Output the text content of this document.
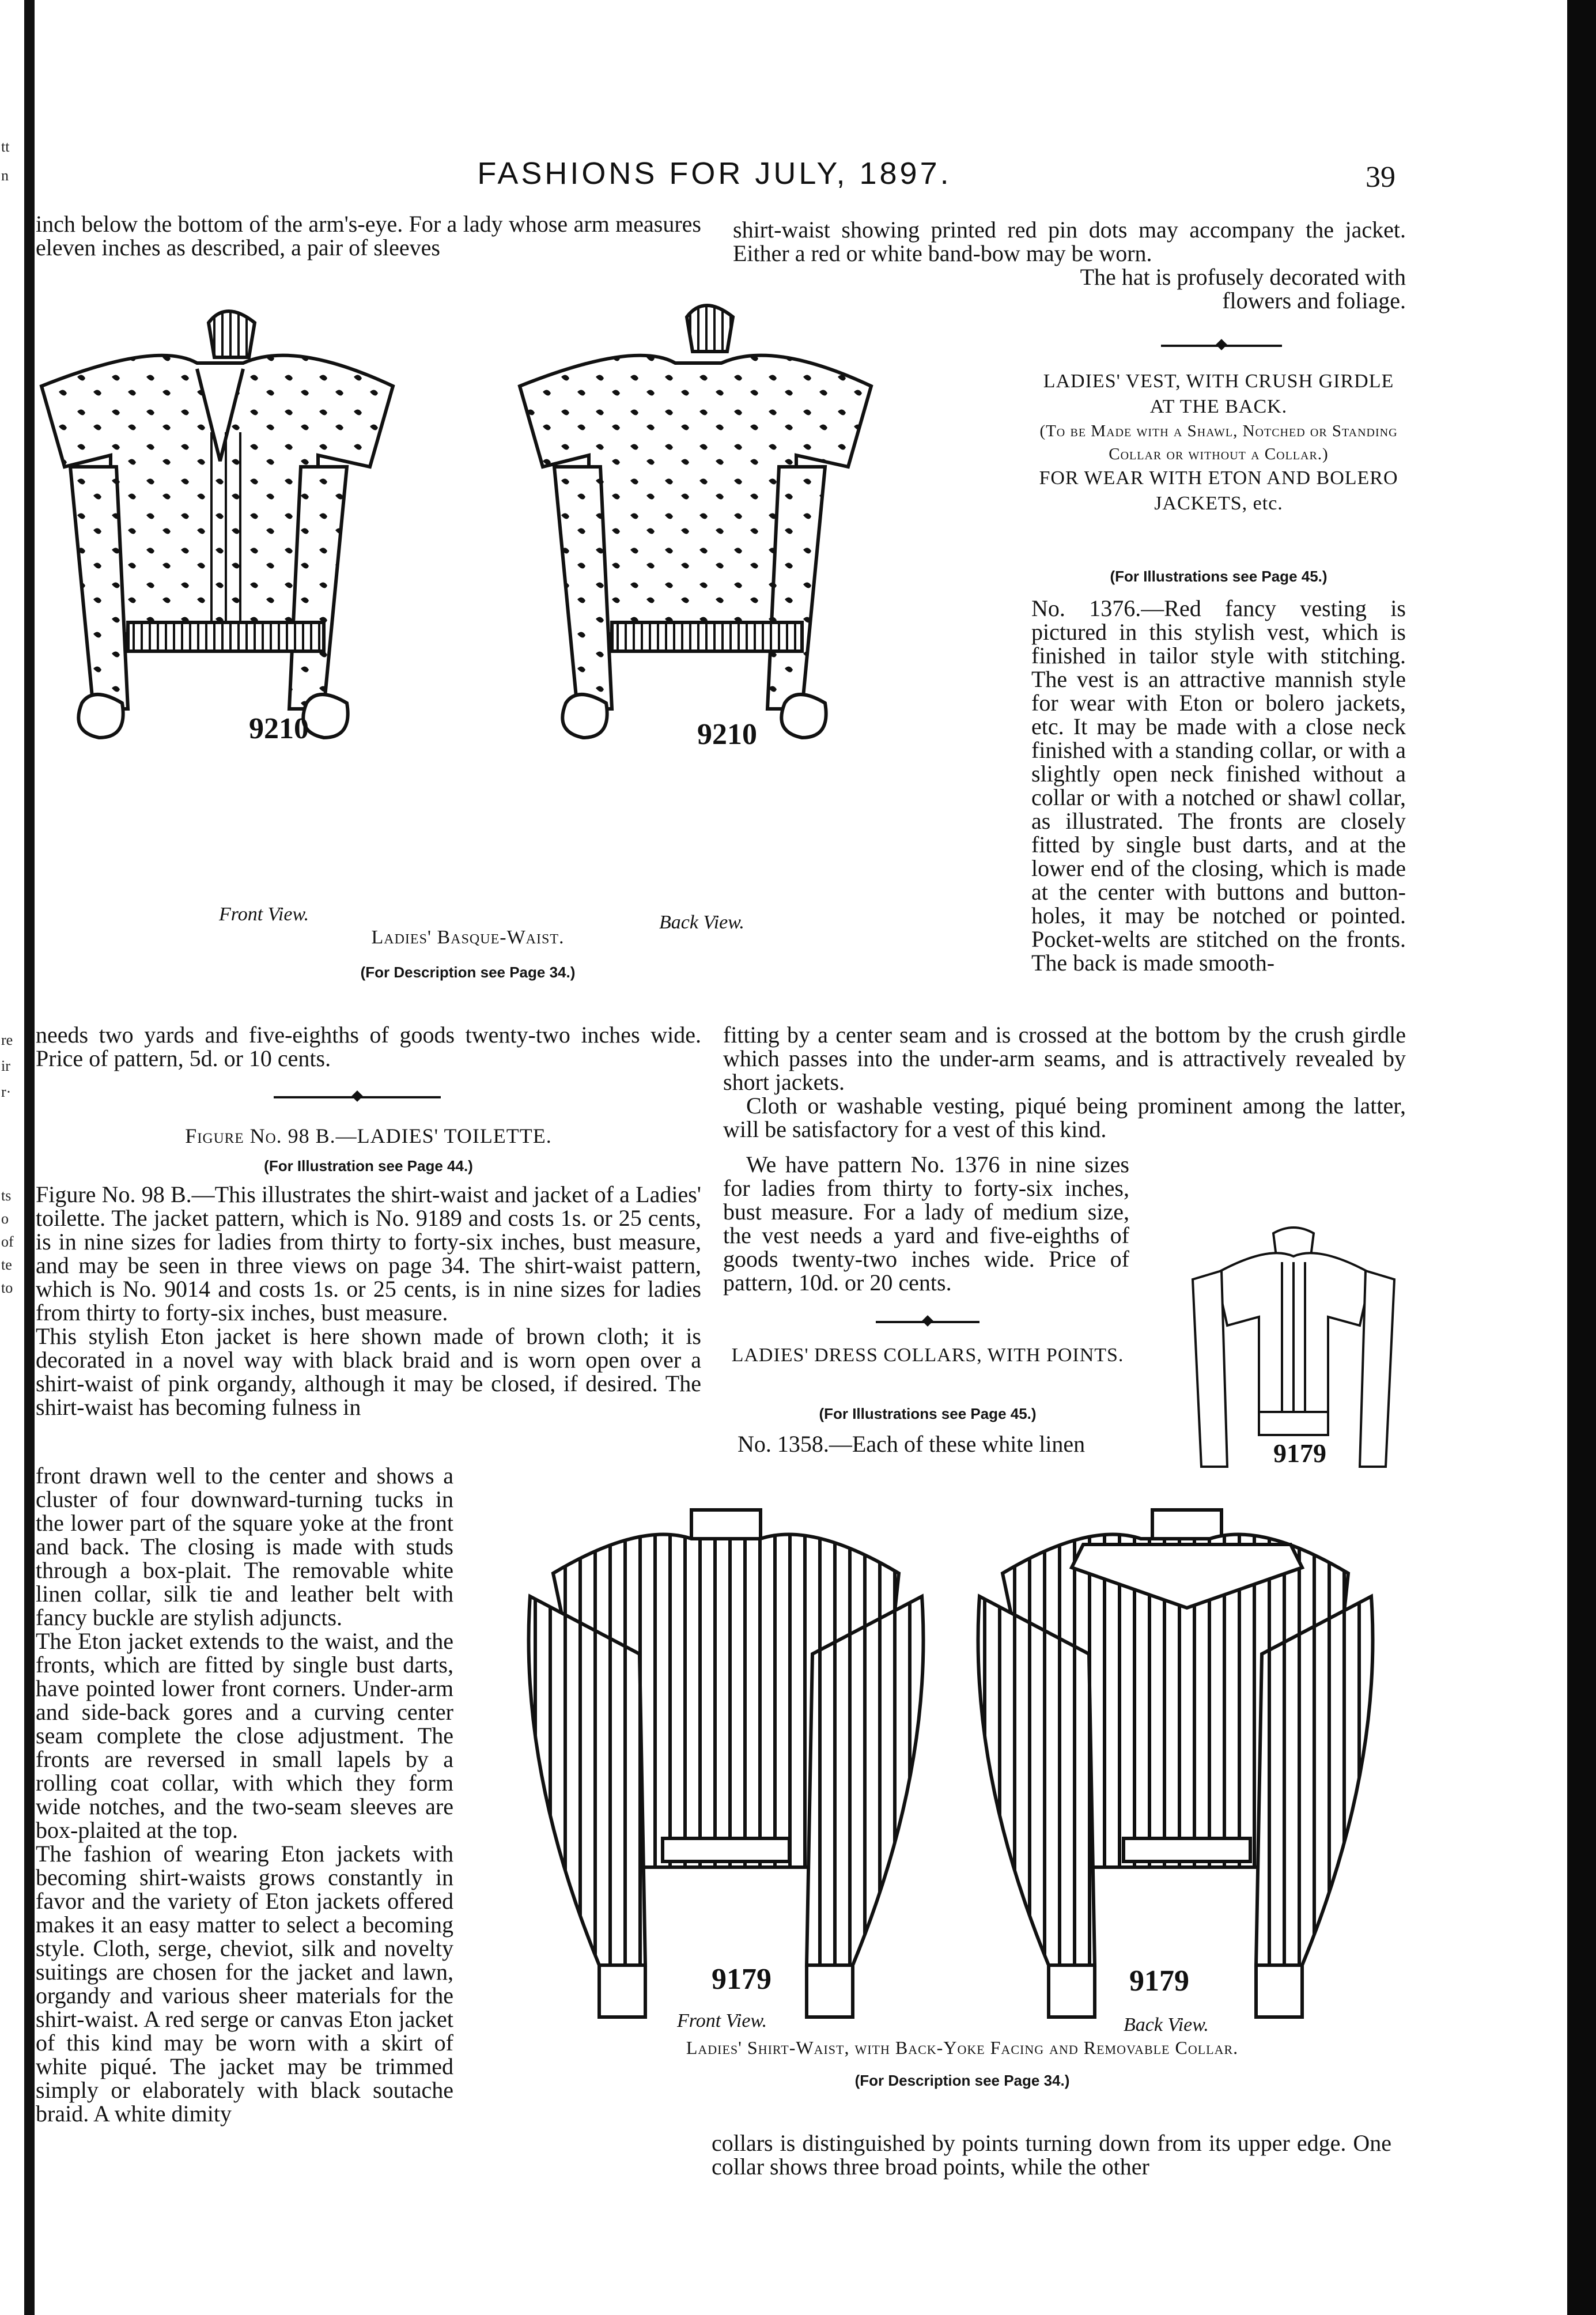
tt
n
re
ir
r·
ts
o
of
te
to
FASHIONS FOR JULY, 1897.	39

inch below the bottom of the arm's-eye. For a lady whose arm measures eleven inches as described, a pair of sleeves

shirt-waist showing printed red pin dots may accompany the jacket. Either a red or white band-bow may be worn.

The hat is profusely decorated with flowers and foliage.

9210	9210
Front View.	Back View.
Ladies' Basque-Waist.
(For Description see Page 34.)
LADIES' VEST, WITH CRUSH GIRDLE AT THE BACK.
(To be Made with a Shawl, Notched or Standing Collar or without a Collar.)
FOR WEAR WITH ETON AND BOLERO JACKETS, etc.
(For Illustrations see Page 45.)

No. 1376.—Red fancy vesting is pictured in this stylish vest, which is finished in tailor style with stitching. The vest is an attractive mannish style for wear with Eton or bolero jackets, etc. It may be made with a close neck finished with a standing collar, or with a slightly open neck finished without a collar or with a notched or shawl collar, as illustrated. The fronts are closely fitted by single bust darts, and at the lower end of the closing, which is made at the center with buttons and button-holes, it may be notched or pointed. Pocket-welts are stitched on the fronts. The back is made smooth-

needs two yards and five-eighths of goods twenty-two inches wide. Price of pattern, 5d. or 10 cents.

fitting by a center seam and is crossed at the bottom by the crush girdle which passes into the under-arm seams, and is attractively revealed by short jackets.

Cloth or washable vesting, piqué being prominent among the latter, will be satisfactory for a vest of this kind.

Figure No. 98 B.—LADIES' TOILETTE.
(For Illustration see Page 44.)

Figure No. 98 B.—This illustrates the shirt-waist and jacket of a Ladies' toilette. The jacket pattern, which is No. 9189 and costs 1s. or 25 cents, is in nine sizes for ladies from thirty to forty-six inches, bust measure, and may be seen in three views on page 34. The shirt-waist pattern, which is No. 9014 and costs 1s. or 25 cents, is in nine sizes for ladies from thirty to forty-six inches, bust measure.

This stylish Eton jacket is here shown made of brown cloth; it is decorated in a novel way with black braid and is worn open over a shirt-waist of pink organdy, although it may be closed, if desired. The shirt-waist has becoming fulness in

front drawn well to the center and shows a cluster of four downward-turning tucks in the lower part of the square yoke at the front and back. The closing is made with studs through a box-plait. The removable white linen collar, silk tie and leather belt with fancy buckle are stylish adjuncts.

The Eton jacket extends to the waist, and the fronts, which are fitted by single bust darts, have pointed lower front corners. Under-arm and side-back gores and a curving center seam complete the close adjustment. The fronts are reversed in small lapels by a rolling coat collar, with which they form wide notches, and the two-seam sleeves are box-plaited at the top.

The fashion of wearing Eton jackets with becoming shirt-waists grows constantly in favor and the variety of Eton jackets offered makes it an easy matter to select a becoming style. Cloth, serge, cheviot, silk and novelty suitings are chosen for the jacket and lawn, organdy and various sheer materials for the shirt-waist. A red serge or canvas Eton jacket of this kind may be worn with a skirt of white piqué. The jacket may be trimmed simply or elaborately with black soutache braid. A white dimity

We have pattern No. 1376 in nine sizes for ladies from thirty to forty-six inches, bust measure. For a lady of medium size, the vest needs a yard and five-eighths of goods twenty-two inches wide. Price of pattern, 10d. or 20 cents.

9179
LADIES' DRESS COLLARS, WITH POINTS.
(For Illustrations see Page 45.)

No. 1358.—Each of these white linen

9179	9179
Front View.	Back View.
Ladies' Shirt-Waist, with Back-Yoke Facing and Removable Collar.
(For Description see Page 34.)

collars is distinguished by points turning down from its upper edge. One collar shows three broad points, while the other
